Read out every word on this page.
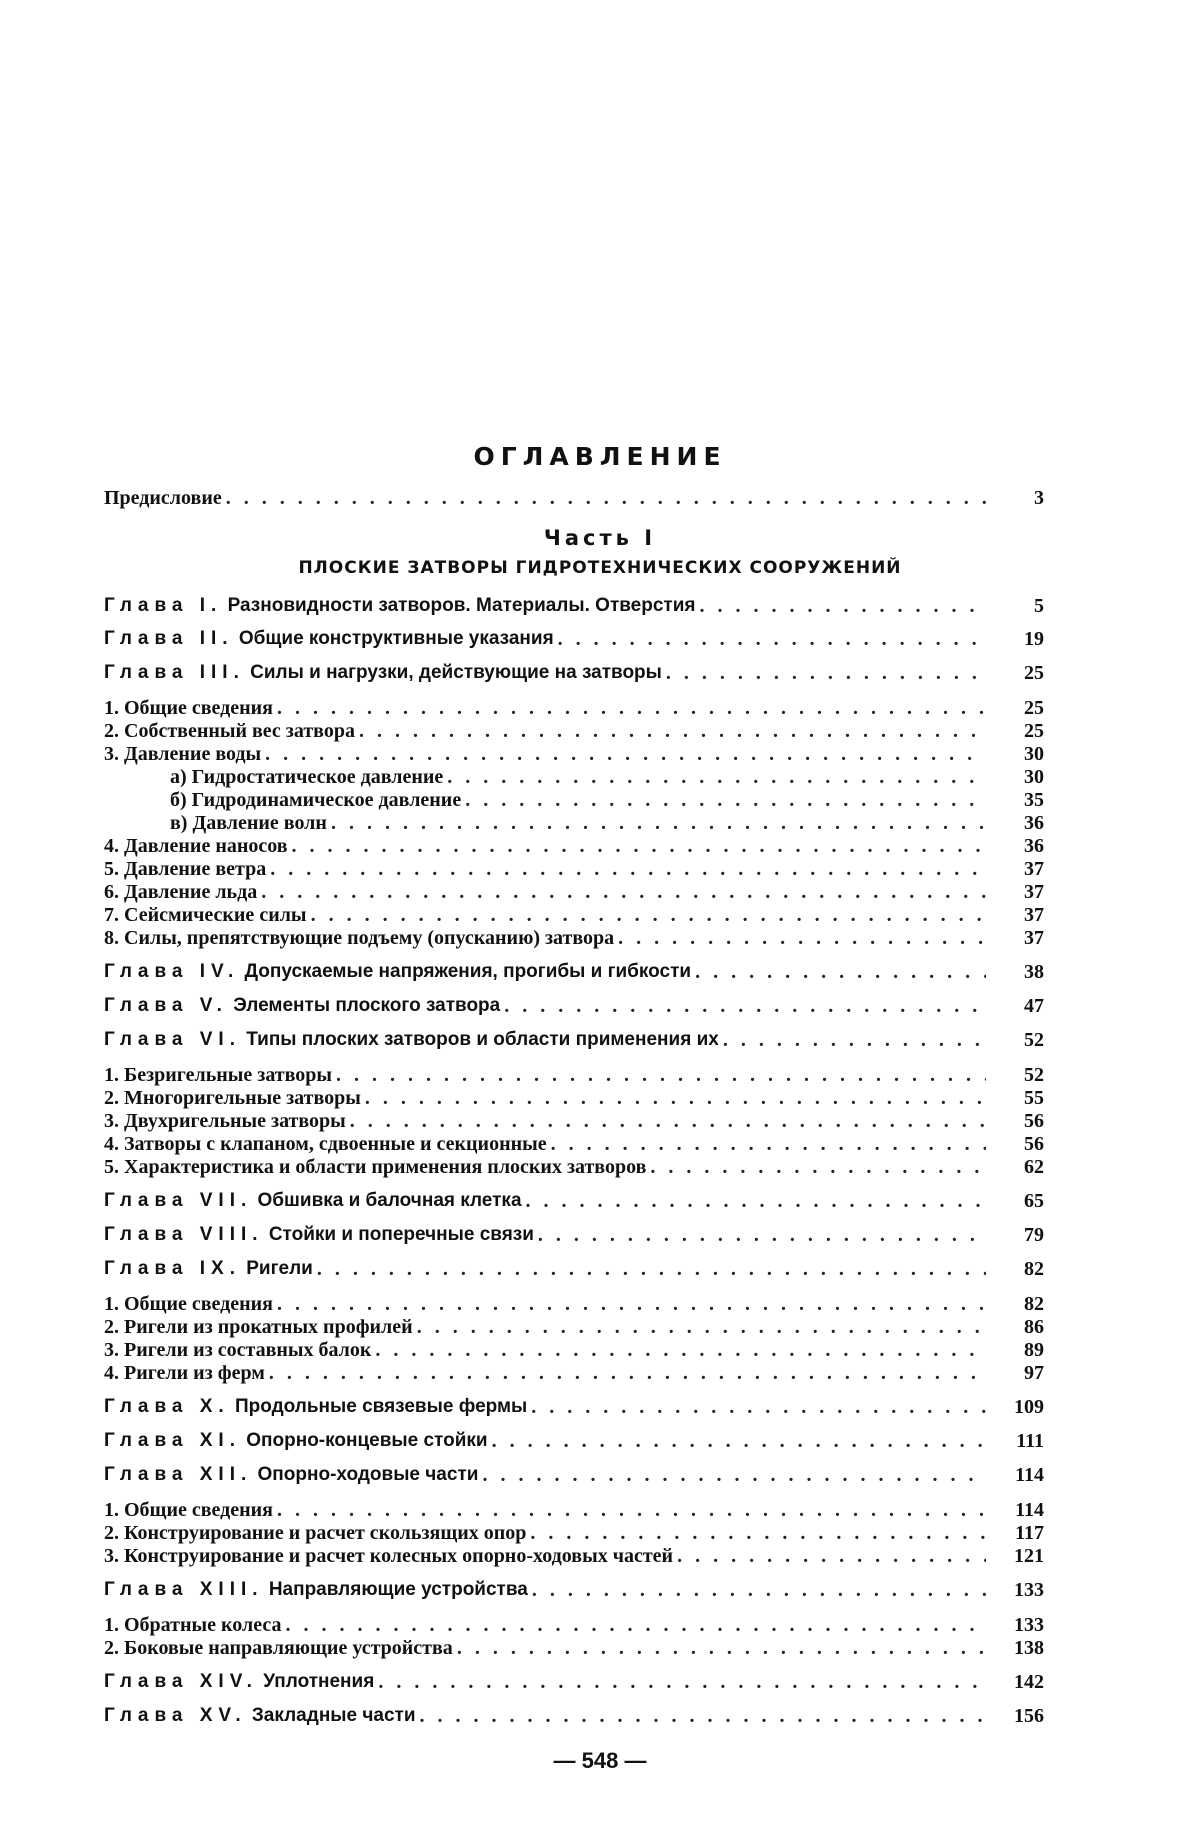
ОГЛАВЛЕНИЕ
Часть I
ПЛОСКИЕ ЗАТВОРЫ ГИДРОТЕХНИЧЕСКИХ СООРУЖЕНИЙ
Предисловие . . .	3
Глава I. Разновидности затворов. Материалы. Отверстия . . .	5
Глава II. Общие конструктивные указания . . .	19
Глава III. Силы и нагрузки, действующие на затворы . . .	25
1. Общие сведения . . .	25
2. Собственный вес затвора . . .	25
3. Давление воды . . .	30
а) Гидростатическое давление . . .	30
б) Гидродинамическое давление . . .	35
в) Давление волн . . .	36
4. Давление наносов . . .	36
5. Давление ветра . . .	37
6. Давление льда . . .	37
7. Сейсмические силы . . .	37
8. Силы, препятствующие подъему (опусканию) затвора . . .	37
Глава IV. Допускаемые напряжения, прогибы и гибкости . . .	38
Глава V. Элементы плоского затвора . . .	47
Глава VI. Типы плоских затворов и области применения их . . .	52
1. Безригельные затворы . . .	52
2. Многоригельные затворы . . .	55
3. Двухригельные затворы . . .	56
4. Затворы с клапаном, сдвоенные и секционные . . .	56
5. Характеристика и области применения плоских затворов . . .	62
Глава VII. Обшивка и балочная клетка . . .	65
Глава VIII. Стойки и поперечные связи . . .	79
Глава IX. Ригели . . .	82
1. Общие сведения . . .	82
2. Ригели из прокатных профилей . . .	86
3. Ригели из составных балок . . .	89
4. Ригели из ферм . . .	97
Глава X. Продольные связевые фермы . . .	109
Глава XI. Опорно-концевые стойки . . .	111
Глава XII. Опорно-ходовые части . . .	114
1. Общие сведения . . .	114
2. Конструирование и расчет скользящих опор . . .	117
3. Конструирование и расчет колесных опорно-ходовых частей . . .	121
Глава XIII. Направляющие устройства . . .	133
1. Обратные колеса . . .	133
2. Боковые направляющие устройства . . .	138
Глава XIV. Уплотнения . . .	142
Глава XV. Закладные части . . .	156
— 548 —
